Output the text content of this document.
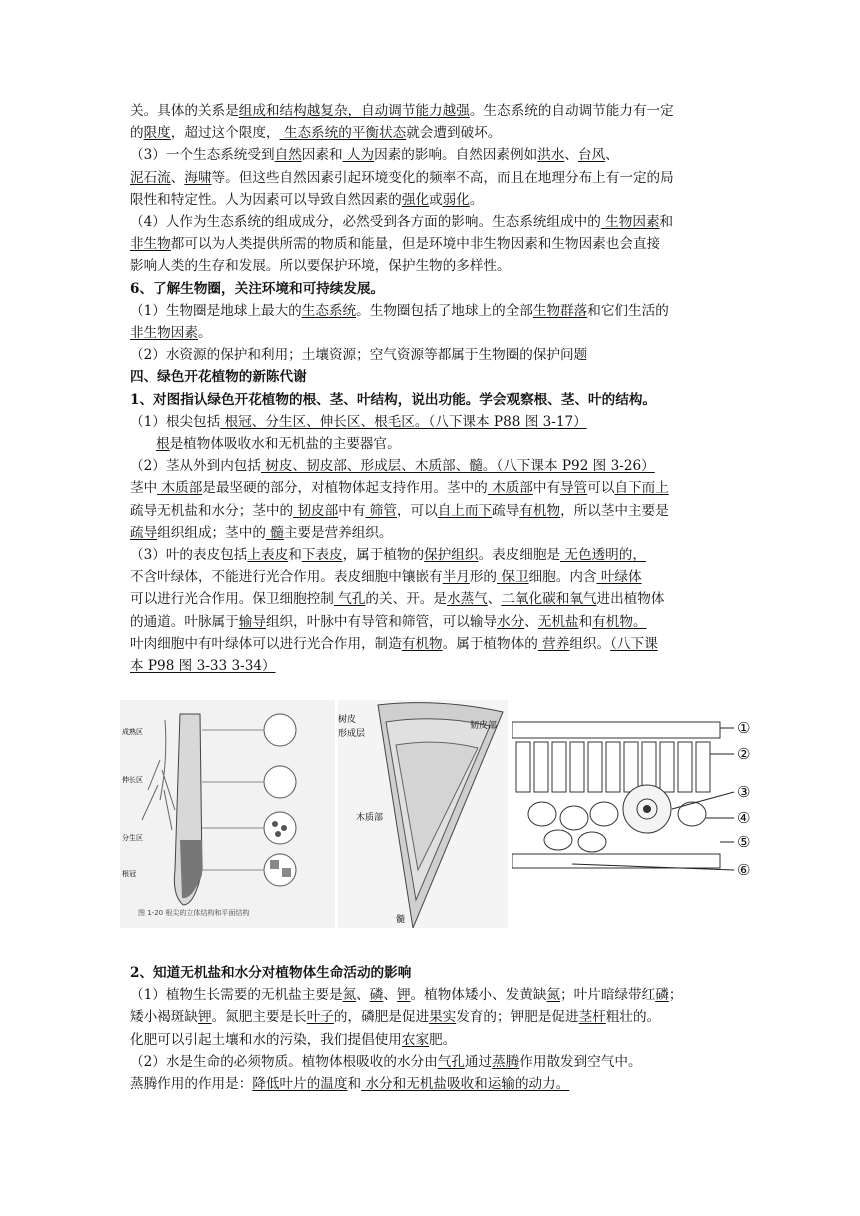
关。具体的关系是组成和结构越复杂，自动调节能力越强。生态系统的自动调节能力有一定
的限度，超过这个限度， 生态系统的平衡状态就会遭到破坏。
（3）一个生态系统受到自然因素和 人为因素的影响。自然因素例如洪水、台风、
泥石流、海啸等。但这些自然因素引起环境变化的频率不高，而且在地理分布上有一定的局
限性和特定性。人为因素可以导致自然因素的强化或弱化。
（4）人作为生态系统的组成成分，必然受到各方面的影响。生态系统组成中的 生物因素和
非生物都可以为人类提供所需的物质和能量，但是环境中非生物因素和生物因素也会直接
影响人类的生存和发展。所以要保护环境，保护生物的多样性。
6、了解生物圈，关注环境和可持续发展。
（1）生物圈是地球上最大的生态系统。生物圈包括了地球上的全部生物群落和它们生活的
非生物因素。
（2）水资源的保护和利用；土壤资源；空气资源等都属于生物圈的保护问题
四、绿色开花植物的新陈代谢
1、对图指认绿色开花植物的根、茎、叶结构，说出功能。学会观察根、茎、叶的结构。
（1）根尖包括 根冠、分生区、伸长区、根毛区。（八下课本 P88 图 3-17）
根是植物体吸收水和无机盐的主要器官。
（2）茎从外到内包括 树皮、韧皮部、形成层、木质部、髓。（八下课本 P92 图 3-26）
茎中 木质部是最坚硬的部分，对植物体起支持作用。茎中的 木质部中有导管可以自下而上
疏导无机盐和水分；茎中的 韧皮部中有 筛管，可以自上而下疏导有机物，所以茎中主要是
疏导组织组成；茎中的 髓主要是营养组织。
（3）叶的表皮包括上表皮和下表皮，属于植物的保护组织。表皮细胞是 无色透明的，
不含叶绿体，不能进行光合作用。表皮细胞中镶嵌有半月形的 保卫细胞。内含 叶绿体
可以进行光合作用。保卫细胞控制 气孔的关、开。是水蒸气、二氧化碳和氧气进出植物体
的通道。叶脉属于输导组织，叶脉中有导管和筛管，可以输导水分、无机盐和有机物。
叶肉细胞中有叶绿体可以进行光合作用，制造有机物。属于植物体的 营养组织。（八下课
本 P98 图 3-33 3-34）
成熟区
伸长区
分生区
根冠
图 1-20 根尖的立体结构和平面结构
树皮
形成层
韧皮部
木质部
髓
①
②
③
④
⑤
⑥
2、知道无机盐和水分对植物体生命活动的影响
（1）植物生长需要的无机盐主要是氮、磷、钾。植物体矮小、发黄缺氮；叶片暗绿带红磷；
矮小褐斑缺钾。氮肥主要是长叶子的，磷肥是促进果实发育的；钾肥是促进茎杆粗壮的。
化肥可以引起土壤和水的污染，我们提倡使用农家肥。
（2）水是生命的必须物质。植物体根吸收的水分由气孔通过蒸腾作用散发到空气中。
蒸腾作用的作用是：降低叶片的温度和 水分和无机盐吸收和运输的动力。
